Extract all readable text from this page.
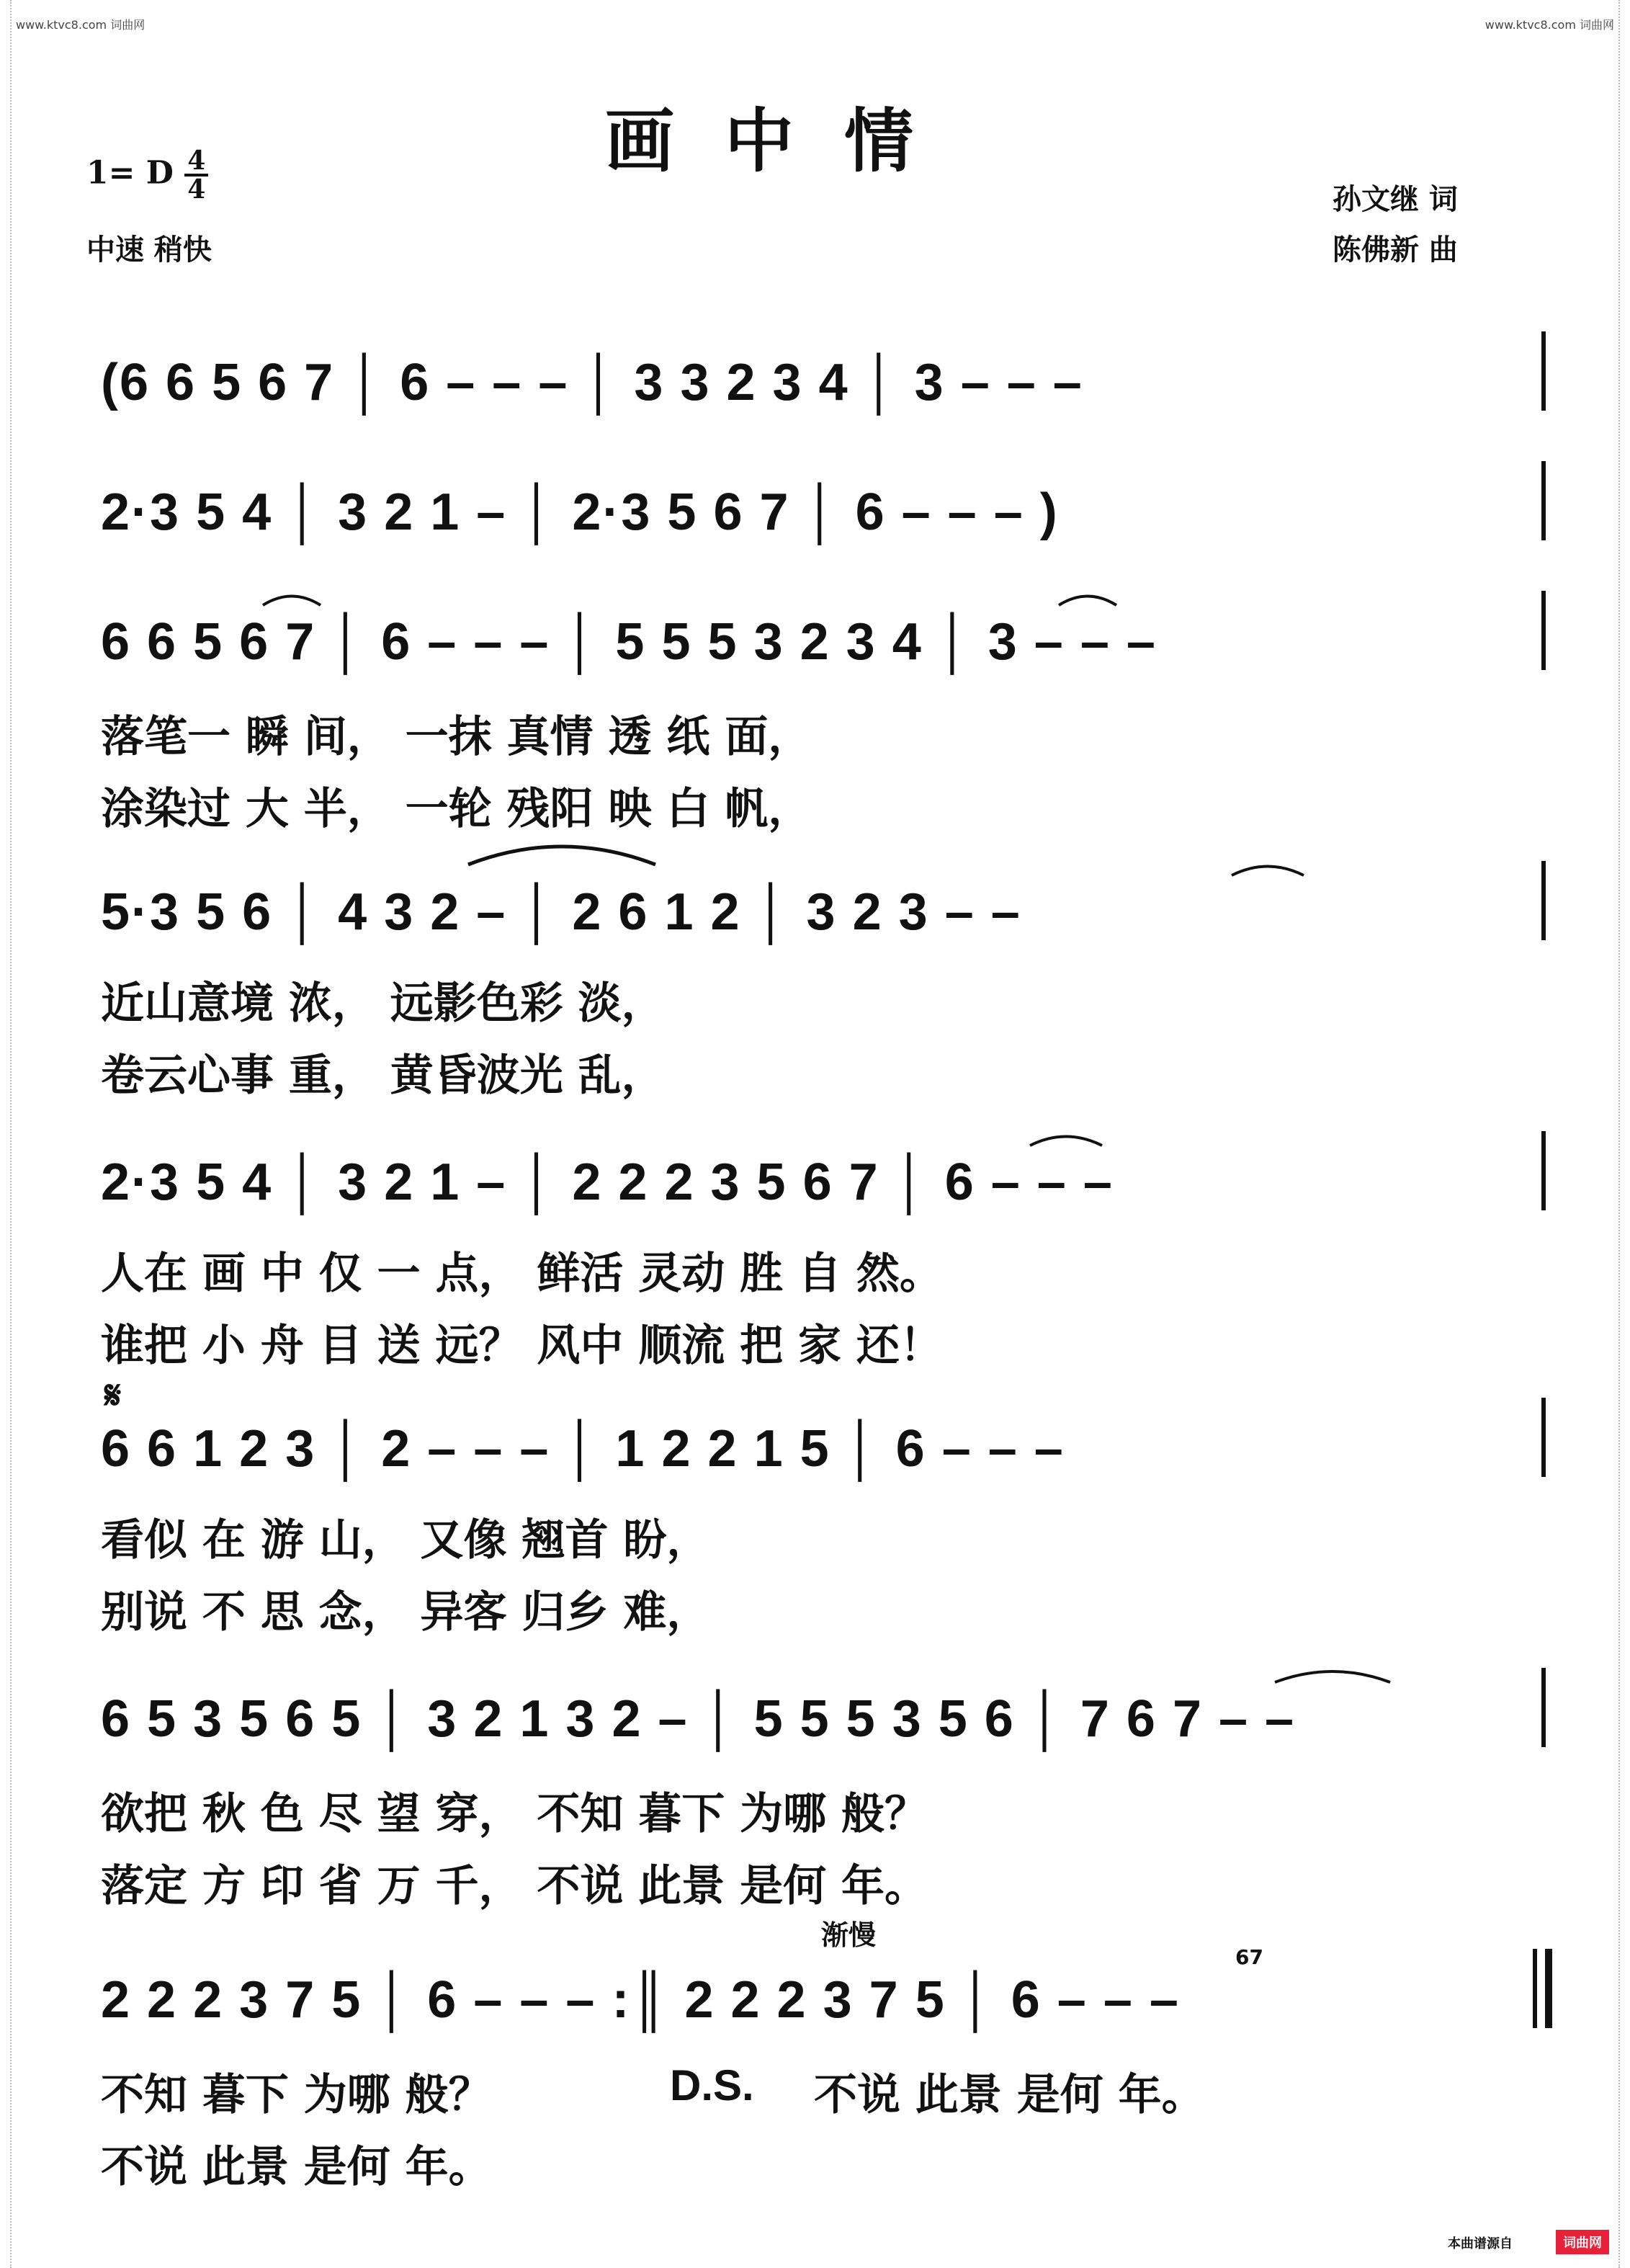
www.ktvc8.com 词曲网	www.ktvc8.com 词曲网
画中情
1= D $\frac{4}{4}$
中速 稍快
孙文继 词
陈佛新 曲
(6 6 5 6 7 │ 6 – – – │ 3 3 2 3 4 │ 3 – – –
2·3 5 4 │ 3 2 1 – │ 2·3 5 6 7 │ 6 – – – )
6 6 5 6 7 │ 6 – – – │ 5 5 5 3 2 3 4 │ 3 – – –
落笔一 瞬 间， 一抹 真情 透 纸 面，
涂染过 大 半， 一轮 残阳 映 白 帆，
5·3 5 6 │ 4 3 2 – │ 2 6 1 2 │ 3 2 3 – –
近山意境 浓， 远影色彩 淡，
卷云心事 重， 黄昏波光 乱，
2·3 5 4 │ 3 2 1 – │ 2 2 2 3 5 6 7 │ 6 – – –
人在 画 中 仅 一 点， 鲜活 灵动 胜 自 然。
谁把 小 舟 目 送 远？ 风中 顺流 把 家 还！
𝄋
6 6 1 2 3 │ 2 – – – │ 1 2 2 1 5 │ 6 – – –
看似 在 游 山， 又像 翘首 盼，
别说 不 思 念， 异客 归乡 难，
6 5 3 5 6 5 │ 3 2 1 3 2 – │ 5 5 5 3 5 6 │ 7 6 7 – –
欲把 秋 色 尽 望 穿， 不知 暮下 为哪 般？
落定 方 印 省 万 千， 不说 此景 是何 年。
渐慢
67
2 2 2 3 7 5 │ 6 – – – :║ 2 2 2 3 7 5 │ 6 – – –
不知 暮下 为哪 般？	D.S. 不说 此景 是何 年。
不说 此景 是何 年。
本曲谱源自	词曲网
